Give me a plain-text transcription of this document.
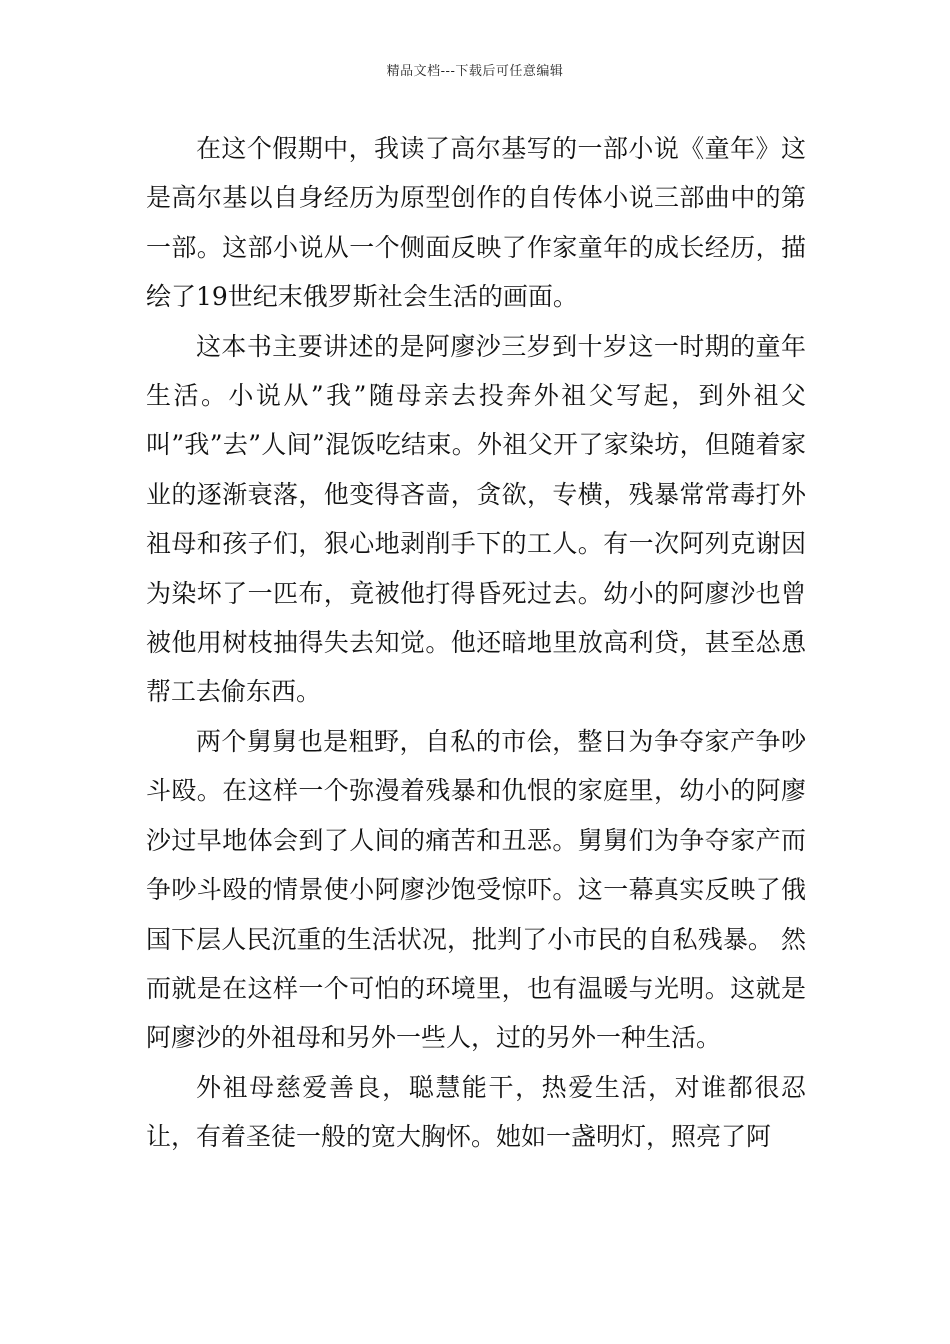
精品文档---下载后可任意编辑

在这个假期中，我读了高尔基写的一部小说《童年》这是高尔基以自身经历为原型创作的自传体小说三部曲中的第一部。这部小说从一个侧面反映了作家童年的成长经历，描绘了19世纪末俄罗斯社会生活的画面。

这本书主要讲述的是阿廖沙三岁到十岁这一时期的童年生活。小说从”我”随母亲去投奔外祖父写起，到外祖父叫”我”去”人间”混饭吃结束。外祖父开了家染坊，但随着家业的逐渐衰落，他变得吝啬，贪欲，专横，残暴常常毒打外祖母和孩子们，狠心地剥削手下的工人。有一次阿列克谢因为染坏了一匹布，竟被他打得昏死过去。幼小的阿廖沙也曾被他用树枝抽得失去知觉。他还暗地里放高利贷，甚至怂恿帮工去偷东西。

两个舅舅也是粗野，自私的市侩，整日为争夺家产争吵斗殴。在这样一个弥漫着残暴和仇恨的家庭里，幼小的阿廖沙过早地体会到了人间的痛苦和丑恶。舅舅们为争夺家产而争吵斗殴的情景使小阿廖沙饱受惊吓。这一幕真实反映了俄国下层人民沉重的生活状况，批判了小市民的自私残暴。 然而就是在这样一个可怕的环境里，也有温暖与光明。这就是阿廖沙的外祖母和另外一些人，过的另外一种生活。

外祖母慈爱善良，聪慧能干，热爱生活，对谁都很忍让，有着圣徒一般的宽大胸怀。她如一盏明灯，照亮了阿
